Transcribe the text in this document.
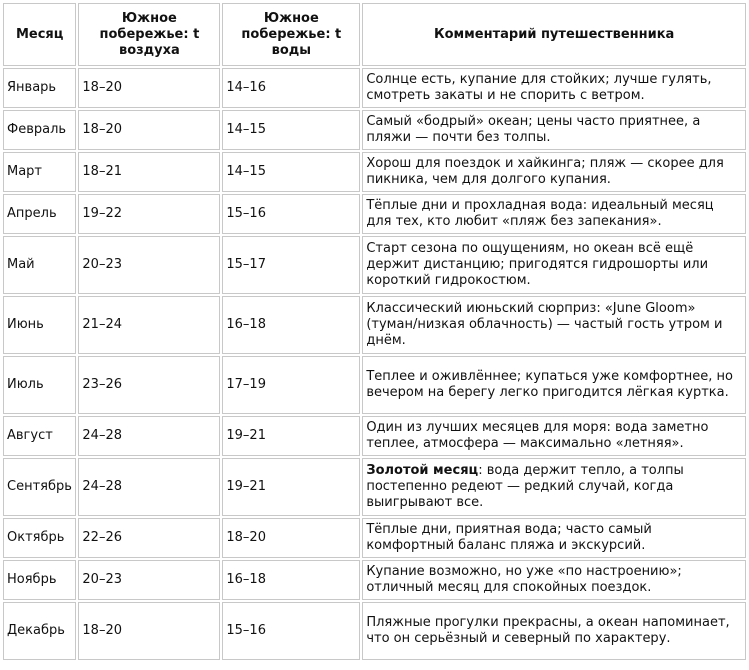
Месяц	Южное побережье: t воздуха	Южное побережье: t воды	Комментарий путешественника
Январь	18–20	14–16	Солнце есть, купание для стойких; лучше гулять, смотреть закаты и не спорить с ветром.
Февраль	18–20	14–15	Самый «бодрый» океан; цены часто приятнее, а пляжи — почти без толпы.
Март	18–21	14–15	Хорош для поездок и хайкинга; пляж — скорее для пикника, чем для долгого купания.
Апрель	19–22	15–16	Тёплые дни и прохладная вода: идеальный месяц для тех, кто любит «пляж без запекания».
Май	20–23	15–17	Старт сезона по ощущениям, но океан всё ещё держит дистанцию; пригодятся гидрошорты или короткий гидрокостюм.
Июнь	21–24	16–18	Классический июньский сюрприз: «June Gloom» (туман/низкая облачность) — частый гость утром и днём.
Июль	23–26	17–19	Теплее и оживлённее; купаться уже комфортнее, но вечером на берегу легко пригодится лёгкая куртка.
Август	24–28	19–21	Один из лучших месяцев для моря: вода заметно теплее, атмосфера — максимально «летняя».
Сентябрь	24–28	19–21	Золотой месяц: вода держит тепло, а толпы постепенно редеют — редкий случай, когда выигрывают все.
Октябрь	22–26	18–20	Тёплые дни, приятная вода; часто самый комфортный баланс пляжа и экскурсий.
Ноябрь	20–23	16–18	Купание возможно, но уже «по настроению»; отличный месяц для спокойных поездок.
Декабрь	18–20	15–16	Пляжные прогулки прекрасны, а океан напоминает, что он серьёзный и северный по характеру.
